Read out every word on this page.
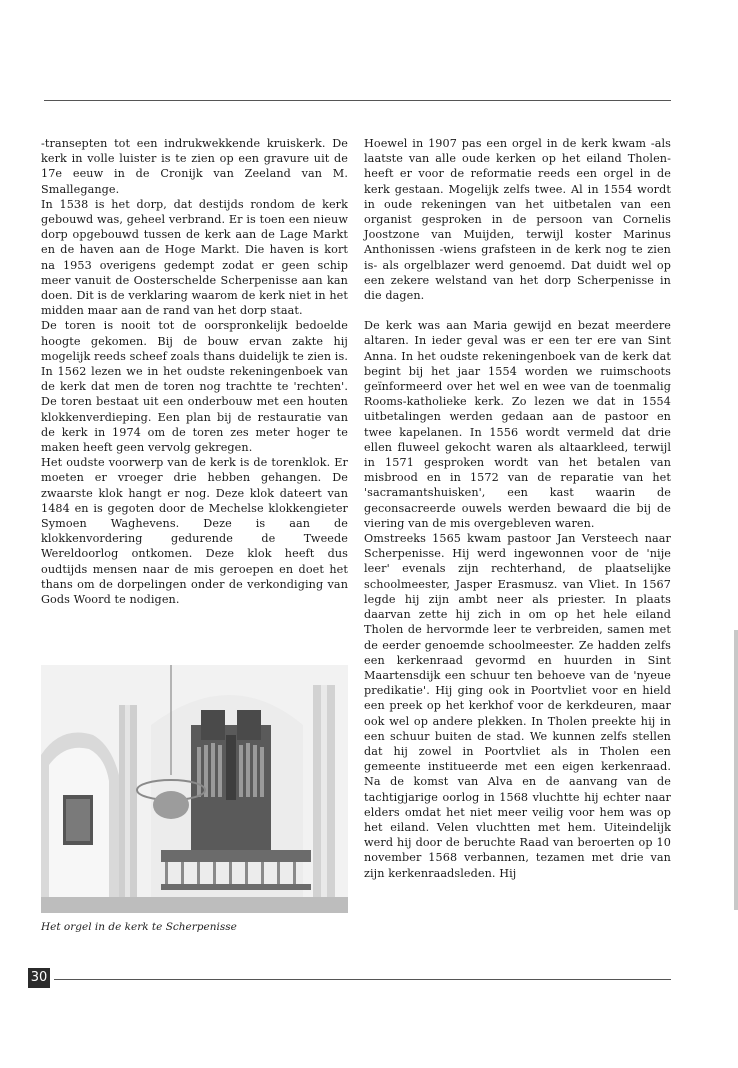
-transepten tot een indrukwekkende kruiskerk. De kerk in volle luister is te zien op een gravure uit de 17e eeuw in de Cronijk van Zeeland van M. Smallegange.

In 1538 is het dorp, dat destijds rondom de kerk gebouwd was, geheel verbrand. Er is toen een nieuw dorp opgebouwd tussen de kerk aan de Lage Markt en de haven aan de Hoge Markt. Die haven is kort na 1953 overigens gedempt zodat er geen schip meer vanuit de Oosterschelde Scherpenisse aan kan doen. Dit is de verklaring waarom de kerk niet in het midden maar aan de rand van het dorp staat.

De toren is nooit tot de oorspronkelijk bedoelde hoogte gekomen. Bij de bouw ervan zakte hij mogelijk reeds scheef zoals thans duidelijk te zien is. In 1562 lezen we in het oudste rekeningenboek van de kerk dat men de toren nog trachtte te 'rechten'. De toren bestaat uit een onderbouw met een houten klokkenverdieping. Een plan bij de restauratie van de kerk in 1974 om de toren zes meter hoger te maken heeft geen vervolg gekregen.

Het oudste voorwerp van de kerk is de torenklok. Er moeten er vroeger drie hebben gehangen. De zwaarste klok hangt er nog. Deze klok dateert van 1484 en is gegoten door de Mechelse klokkengieter Symoen Waghevens. Deze is aan de klokkenvordering gedurende de Tweede Wereldoorlog ontkomen. Deze klok heeft dus oudtijds mensen naar de mis geroepen en doet het thans om de dorpelingen onder de verkondiging van Gods Woord te nodigen.

Het orgel in de kerk te Scherpenisse

Hoewel in 1907 pas een orgel in de kerk kwam -als laatste van alle oude kerken op het eiland Tholen- heeft er voor de reformatie reeds een orgel in de kerk gestaan. Mogelijk zelfs twee. Al in 1554 wordt in oude rekeningen van het uitbetalen van een organist gesproken in de persoon van Cornelis Joostzone van Muijden, terwijl koster Marinus Anthonissen -wiens grafsteen in de kerk nog te zien is- als orgelblazer werd genoemd. Dat duidt wel op een zekere welstand van het dorp Scherpenisse in die dagen.

De kerk was aan Maria gewijd en bezat meerdere altaren. In ieder geval was er een ter ere van Sint Anna. In het oudste rekeningenboek van de kerk dat begint bij het jaar 1554 worden we ruimschoots geïnformeerd over het wel en wee van de toenmalig Rooms-katholieke kerk. Zo lezen we dat in 1554 uitbetalingen werden gedaan aan de pastoor en twee kapelanen. In 1556 wordt vermeld dat drie ellen fluweel gekocht waren als altaarkleed, terwijl in 1571 gesproken wordt van het betalen van misbrood en in 1572 van de reparatie van het 'sacramantshuisken', een kast waarin de geconsacreerde ouwels werden bewaard die bij de viering van de mis overgebleven waren.

Omstreeks 1565 kwam pastoor Jan Versteech naar Scherpenisse. Hij werd ingewonnen voor de 'nije leer' evenals zijn rechterhand, de plaatselijke schoolmeester, Jasper Erasmusz. van Vliet. In 1567 legde hij zijn ambt neer als priester. In plaats daarvan zette hij zich in om op het hele eiland Tholen de hervormde leer te verbreiden, samen met de eerder genoemde schoolmeester. Ze hadden zelfs een kerkenraad gevormd en huurden in Sint Maartensdijk een schuur ten behoeve van de 'nyeue predikatie'. Hij ging ook in Poortvliet voor en hield een preek op het kerkhof voor de kerkdeuren, maar ook wel op andere plekken. In Tholen preekte hij in een schuur buiten de stad. We kunnen zelfs stellen dat hij zowel in Poortvliet als in Tholen een gemeente institueerde met een eigen kerkenraad. Na de komst van Alva en de aanvang van de tachtigjarige oorlog in 1568 vluchtte hij echter naar elders omdat het niet meer veilig voor hem was op het eiland. Velen vluchtten met hem. Uiteindelijk werd hij door de beruchte Raad van beroerten op 10 november 1568 verbannen, tezamen met drie van zijn kerkenraadsleden. Hij

30
